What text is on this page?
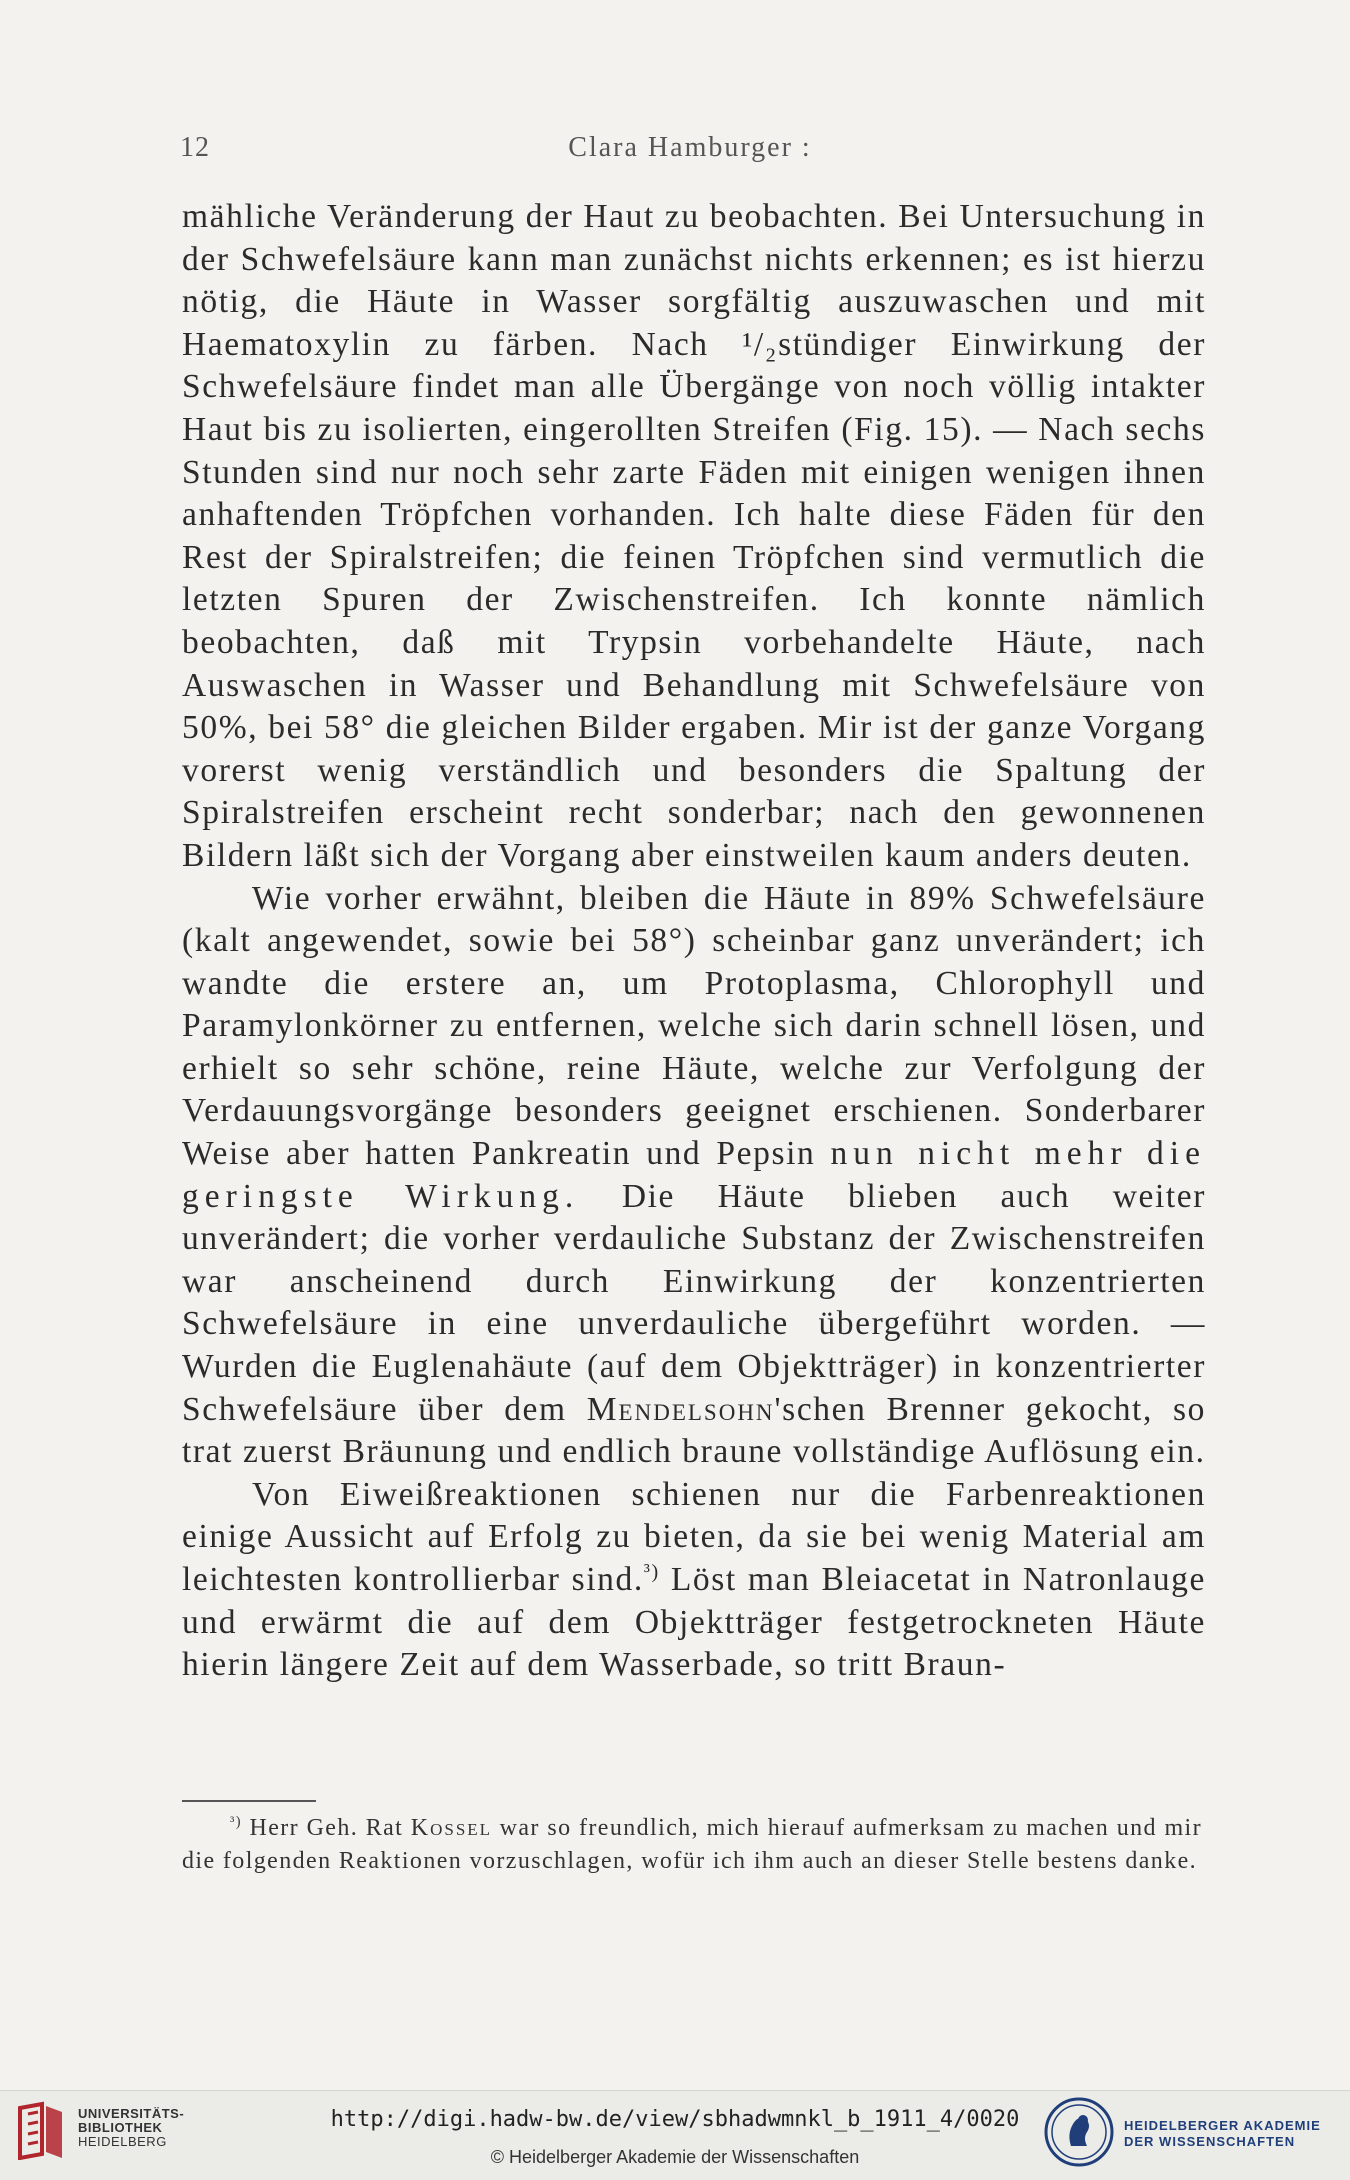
12	Clara Hamburger :

mähliche Veränderung der Haut zu beobachten. Bei Untersuchung in der Schwefelsäure kann man zunächst nichts erkennen; es ist hierzu nötig, die Häute in Wasser sorgfältig auszuwaschen und mit Haematoxylin zu färben. Nach ¹/₂stündiger Einwirkung der Schwefelsäure findet man alle Übergänge von noch völlig intakter Haut bis zu isolierten, eingerollten Streifen (Fig. 15). — Nach sechs Stunden sind nur noch sehr zarte Fäden mit einigen wenigen ihnen anhaftenden Tröpfchen vorhanden. Ich halte diese Fäden für den Rest der Spiralstreifen; die feinen Tröpfchen sind vermutlich die letzten Spuren der Zwischenstreifen. Ich konnte nämlich beobachten, daß mit Trypsin vorbehandelte Häute, nach Auswaschen in Wasser und Behandlung mit Schwefelsäure von 50%, bei 58° die gleichen Bilder ergaben. Mir ist der ganze Vorgang vorerst wenig verständlich und besonders die Spaltung der Spiralstreifen erscheint recht sonderbar; nach den gewonnenen Bildern läßt sich der Vorgang aber einstweilen kaum anders deuten.

Wie vorher erwähnt, bleiben die Häute in 89% Schwefelsäure (kalt angewendet, sowie bei 58°) scheinbar ganz unverändert; ich wandte die erstere an, um Protoplasma, Chlorophyll und Paramylonkörner zu entfernen, welche sich darin schnell lösen, und erhielt so sehr schöne, reine Häute, welche zur Verfolgung der Verdauungsvorgänge besonders geeignet erschienen. Sonderbarer Weise aber hatten Pankreatin und Pepsin nun nicht mehr die geringste Wirkung. Die Häute blieben auch weiter unverändert; die vorher verdauliche Substanz der Zwischenstreifen war anscheinend durch Einwirkung der konzentrierten Schwefelsäure in eine unverdauliche übergeführt worden. — Wurden die Euglenahäute (auf dem Objektträger) in konzentrierter Schwefelsäure über dem Mendelsohn'schen Brenner gekocht, so trat zuerst Bräunung und endlich braune vollständige Auflösung ein.

Von Eiweißreaktionen schienen nur die Farbenreaktionen einige Aussicht auf Erfolg zu bieten, da sie bei wenig Material am leichtesten kontrollierbar sind.$^{^3)}$ Löst man Bleiacetat in Natronlauge und erwärmt die auf dem Objektträger festgetrockneten Häute hierin längere Zeit auf dem Wasserbade, so tritt Braun-

$^{^3)}$ Herr Geh. Rat Kossel war so freundlich, mich hierauf aufmerksam zu machen und mir die folgenden Reaktionen vorzuschlagen, wofür ich ihm auch an dieser Stelle bestens danke.

UNIVERSITÄTS-
BIBLIOTHEK
HEIDELBERG
http://digi.hadw-bw.de/view/sbhadwmnkl_b_1911_4/0020
© Heidelberger Akademie der Wissenschaften
HEIDELBERGER AKADEMIE
DER WISSENSCHAFTEN
